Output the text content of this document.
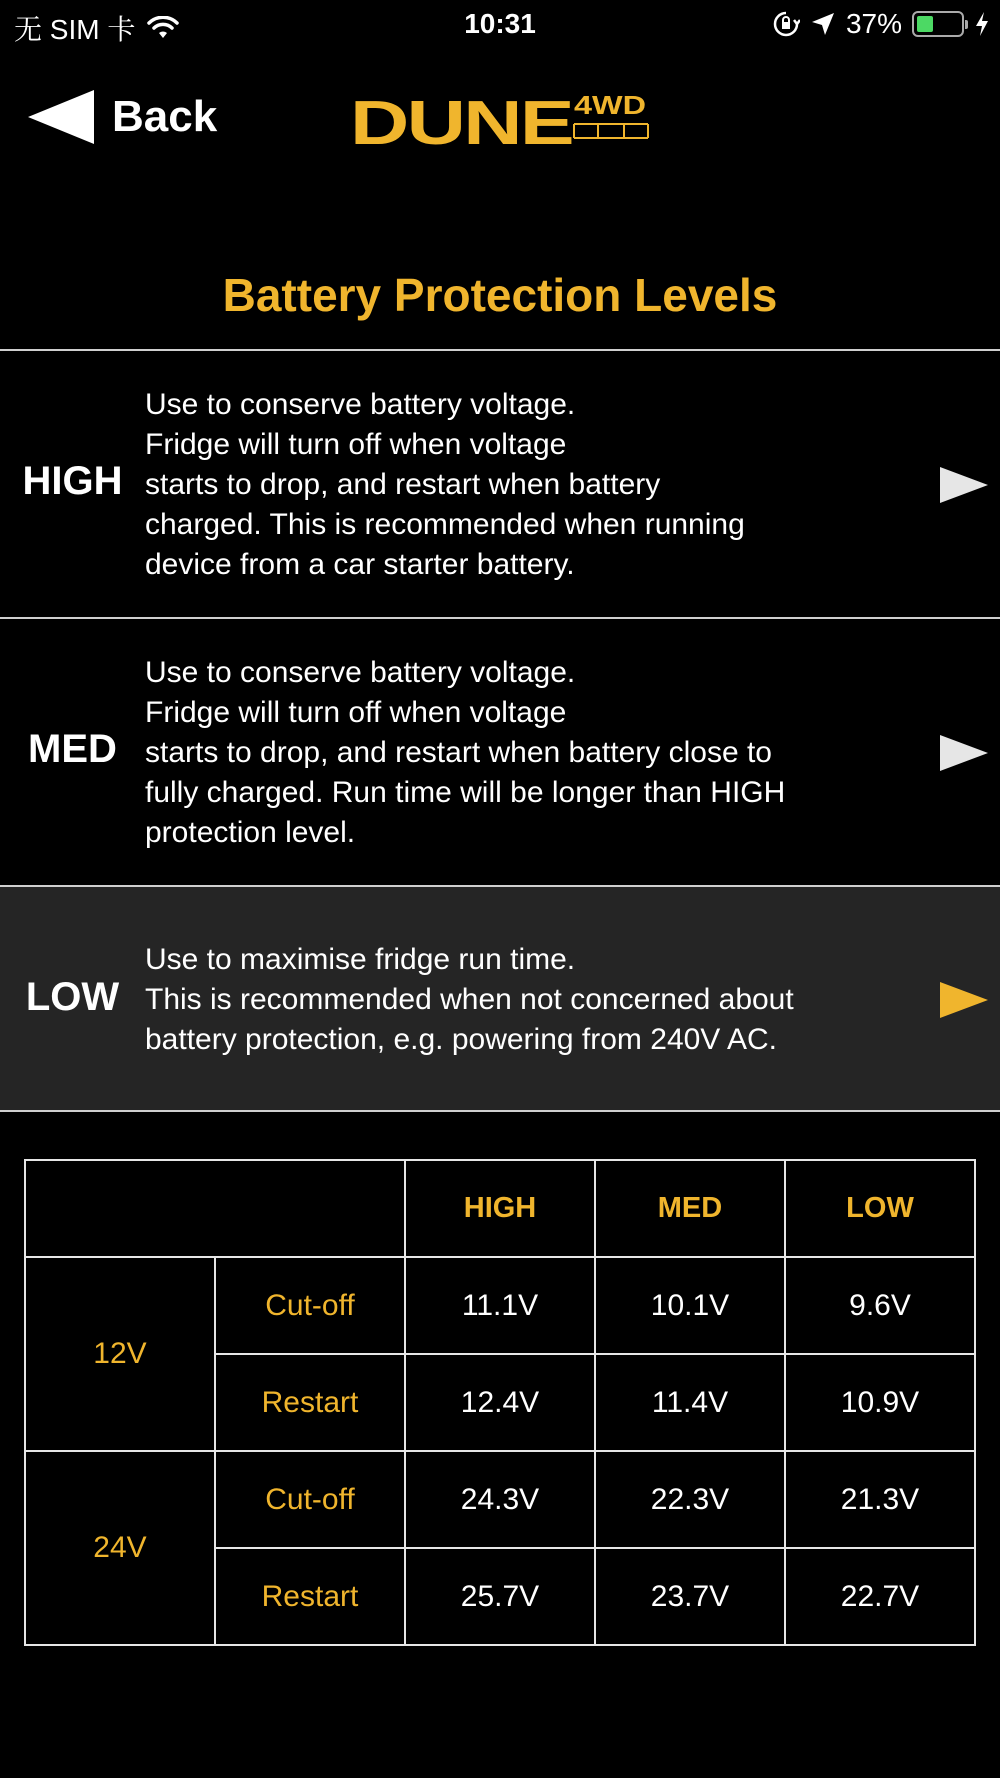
无 SIM 卡	10:31	37%
Back DUNE 4WD
Battery Protection Levels
HIGH
Use to conserve battery voltage.
Fridge will turn off when voltage
starts to drop, and restart when battery
charged. This is recommended when running
device from a car starter battery.
MED
Use to conserve battery voltage.
Fridge will turn off when voltage
starts to drop, and restart when battery close to
fully charged. Run time will be longer than HIGH
protection level.
LOW
Use to maximise fridge run time.
This is recommended when not concerned about
battery protection, e.g. powering from 240V AC.
		HIGH	MED	LOW
12V	Cut-off	11.1V	10.1V	9.6V
	Restart	12.4V	11.4V	10.9V
24V	Cut-off	24.3V	22.3V	21.3V
	Restart	25.7V	23.7V	22.7V
